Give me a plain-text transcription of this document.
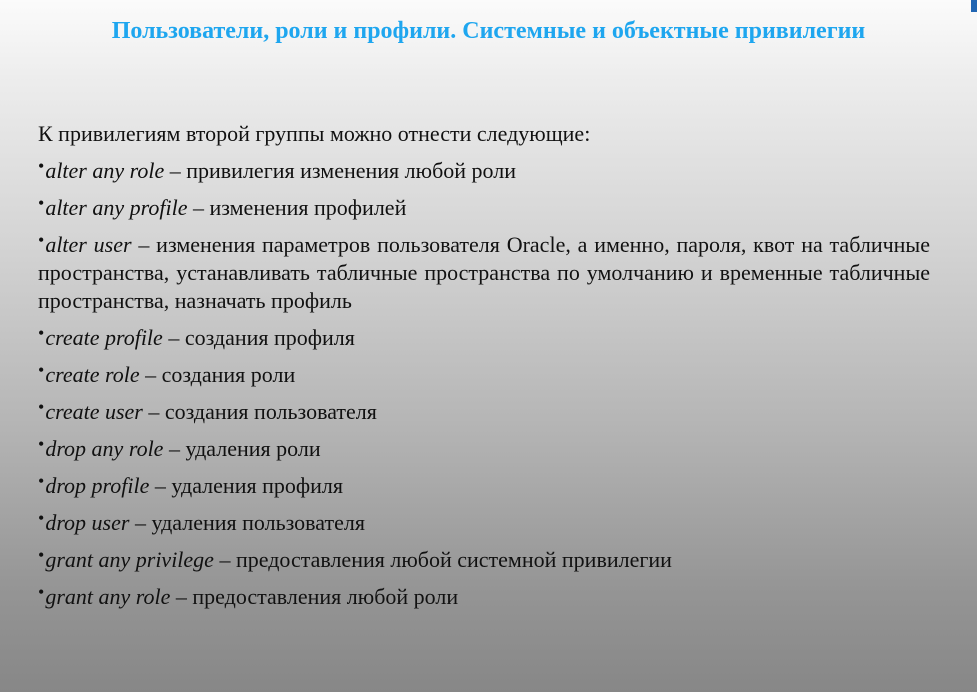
Пользователи, роли и профили. Системные и объектные привилегии
К привилегиям второй группы можно отнести следующие:
•alter any role – привилегия изменения любой роли
•alter any profile – изменения профилей
•alter user – изменения параметров пользователя Oracle, а именно, пароля, квот на табличные пространства, устанавливать табличные пространства по умолчанию и временные табличные пространства, назначать профиль
•create profile – создания профиля
•create role – создания роли
•create user – создания пользователя
•drop any role – удаления роли
•drop profile – удаления профиля
•drop user – удаления пользователя
•grant any privilege – предоставления любой системной привилегии
•grant any role – предоставления любой роли
